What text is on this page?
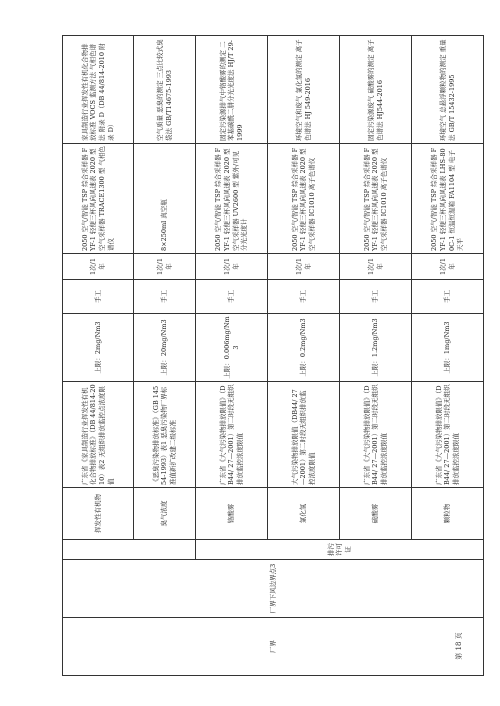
厂界	厂界下风边界点3		挥发性有机物	广东省《家具制造行业挥发性有机化合物排放标准》（DB 44/814-2010）表2 无组织排放监控点浓度限值	上限：2mg/Nm3	手工	1次/1年	2050 空气/智能 TSP 综合采样器 FYF-1 轻便三杯风向风速表 2020 型 空气采样器 TRACE1300 型 气相色谱仪	家具制造行业挥发性有机化合物排放标准 VOCS 监测方法 气相色谱法 附录 D（DB 44/814-2010 附录 D）
			臭气浓度	《恶臭污染物排放标准》（GB 14554-1993）表1 恶臭污染物厂界标准值新扩改建二级标准	上限：20mg/Nm3	手工	1次/1年	8×250ml 真空瓶	空气质量 恶臭的测定 三点比较式臭袋法 GB/T14675-1993
		排污许可证	铬酸雾	广东省《大气污染物排放限值》（DB44/ 27—2001）第二时段无组织排放监控浓度限值	上限：0.006mg/Nm3	手工	1次/1年	2050 空气/智能 TSP 综合采样器 FYF-1 轻便三杯风向风速表 2020 型 空气采样器 UV2600 型 紫外/可见分光光度计	固定污染源排气中铬酸雾的测定 二苯基碳酰二肼分光光度法 HJ/T 29-1999
			氯化氢	大气污染物排放限值（DB44/ 27—2001）第二时段无组织排放监控浓度限值	上限：0.2mg/Nm3	手工	1次/1年	2050 空气/智能 TSP 综合采样器 FYF-1 轻便三杯风向风速表 2020 型 空气采样器 IC1010 离子色谱仪	环境空气和废气 氯化氢的测定 离子色谱法 HJ 549-2016
			硫酸雾	广东省《大气污染物排放限值》（DB44/ 27—2001）第二时段无组织排放监控浓度限值	上限：1.2mg/Nm3	手工	1次/1年	2050 空气/智能 TSP 综合采样器 FYF-1 轻便三杯风向风速表 2020 型 空气采样器 IC1010 离子色谱仪	固定污染源废气 硫酸雾的测定 离子色谱法 HJ544-2016
			颗粒物	广东省《大气污染物排放限值》（DB44/ 27—2001）第二时段无组织排放监控浓度限值	上限：1mg/Nm3	手工	1次/1年	2050 空气/智能 TSP 综合采样器 FYF-1 轻便三杯风向风速表 LHS-800C-1 恒温恒湿箱 FA1104 型 电子天平	环境空气 总悬浮颗粒物的测定 重量法 GB/T 15432-1995
第 18 页
